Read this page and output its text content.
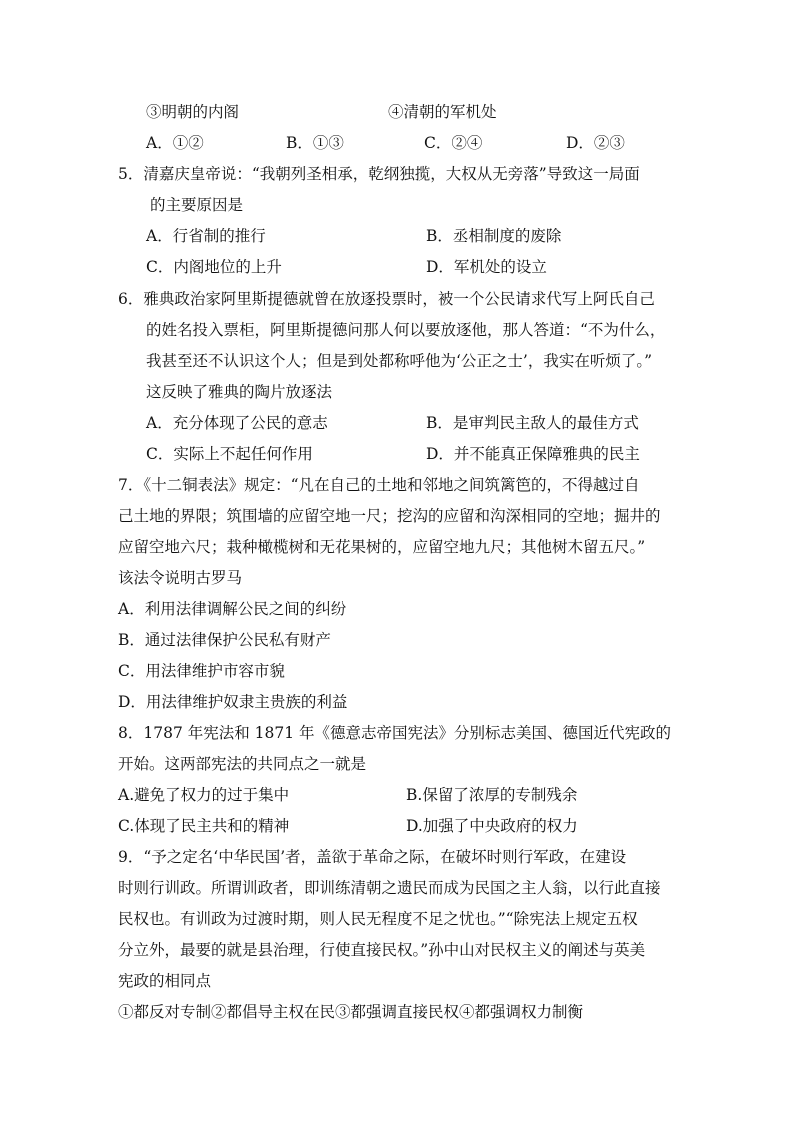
③明朝的内阁	④清朝的军机处
A．①②	B．①③	C．②④	D．②③
5．清嘉庆皇帝说：“我朝列圣相承，乾纲独揽，大权从无旁落”导致这一局面
的主要原因是
A．行省制的推行	B．丞相制度的废除
C．内阁地位的上升	D．军机处的设立
6．雅典政治家阿里斯提德就曾在放逐投票时，被一个公民请求代写上阿氏自己
的姓名投入票柜，阿里斯提德问那人何以要放逐他，那人答道：“不为什么，
我甚至还不认识这个人；但是到处都称呼他为‘公正之士’，我实在听烦了。”
这反映了雅典的陶片放逐法
A．充分体现了公民的意志	B．是审判民主敌人的最佳方式
C．实际上不起任何作用	D．并不能真正保障雅典的民主
7．《十二铜表法》规定：“凡在自己的土地和邻地之间筑篱笆的，不得越过自
己土地的界限；筑围墙的应留空地一尺；挖沟的应留和沟深相同的空地；掘井的
应留空地六尺；栽种橄榄树和无花果树的，应留空地九尺；其他树木留五尺。”
该法令说明古罗马
A．利用法律调解公民之间的纠纷
B．通过法律保护公民私有财产
C．用法律维护市容市貌
D．用法律维护奴隶主贵族的利益
8．1787 年宪法和 1871 年《德意志帝国宪法》分别标志美国、德国近代宪政的
开始。这两部宪法的共同点之一就是
A.避免了权力的过于集中	B.保留了浓厚的专制残余
C.体现了民主共和的精神	D.加强了中央政府的权力
9．“予之定名‘中华民国’者，盖欲于革命之际，在破坏时则行军政，在建设
时则行训政。所谓训政者，即训练清朝之遗民而成为民国之主人翁，以行此直接
民权也。有训政为过渡时期，则人民无程度不足之忧也。”“除宪法上规定五权
分立外，最要的就是县治理，行使直接民权。”孙中山对民权主义的阐述与英美
宪政的相同点
①都反对专制②都倡导主权在民③都强调直接民权④都强调权力制衡
